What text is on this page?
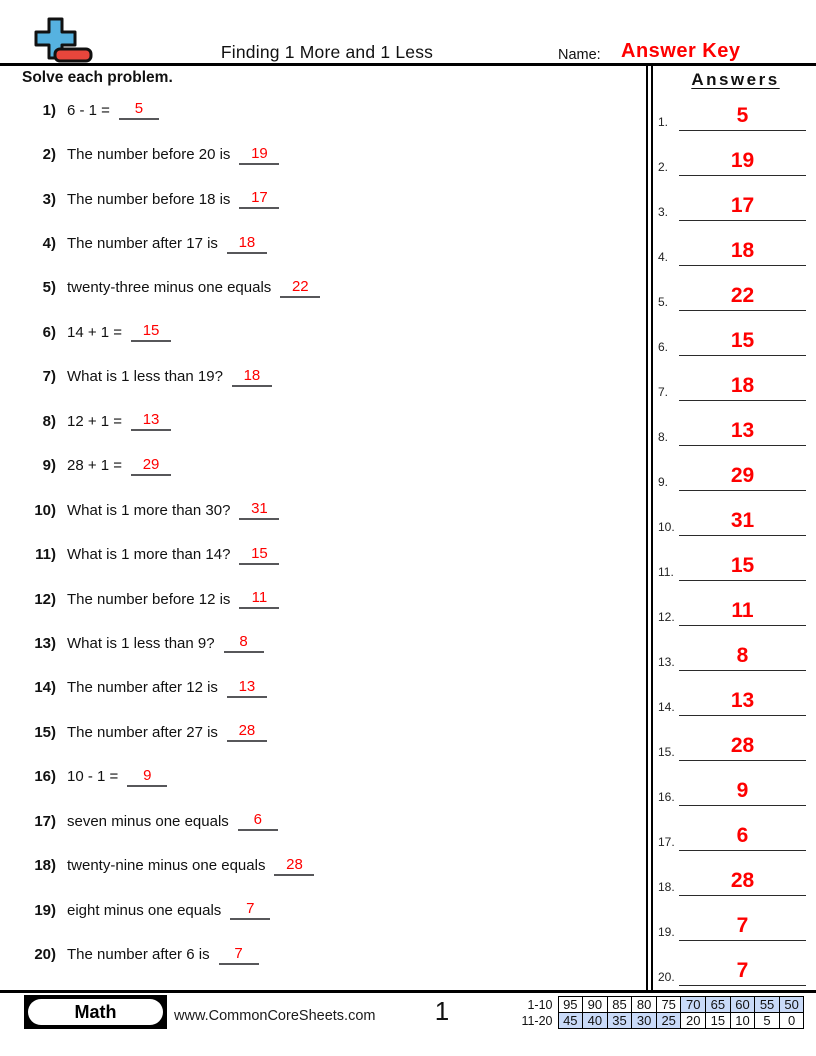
Finding 1 More and 1 Less	Name: Answer Key
Solve each problem.
1) 6 - 1 =	5
2) The number before 20 is	19
3) The number before 18 is	17
4) The number after 17 is	18
5) twenty-three minus one equals	22
6) 14 + 1 =	15
7) What is 1 less than 19?	18
8) 12 + 1 =	13
9) 28 + 1 =	29
10) What is 1 more than 30?	31
11) What is 1 more than 14?	15
12) The number before 12 is	11
13) What is 1 less than 9?	8
14) The number after 12 is	13
15) The number after 27 is	28
16) 10 - 1 =	9
17) seven minus one equals	6
18) twenty-nine minus one equals	28
19) eight minus one equals	7
20) The number after 6 is	7
Answers
1.	5
2.	19
3.	17
4.	18
5.	22
6.	15
7.	18
8.	13
9.	29
10.	31
11.	15
12.	11
13.	8
14.	13
15.	28
16.	9
17.	6
18.	28
19.	7
20.	7
Math	www.CommonCoreSheets.com	1	1-10	95	90	85	80	75	70	65	60	55	50
11-20	45	40	35	30	25	20	15	10	5	0
